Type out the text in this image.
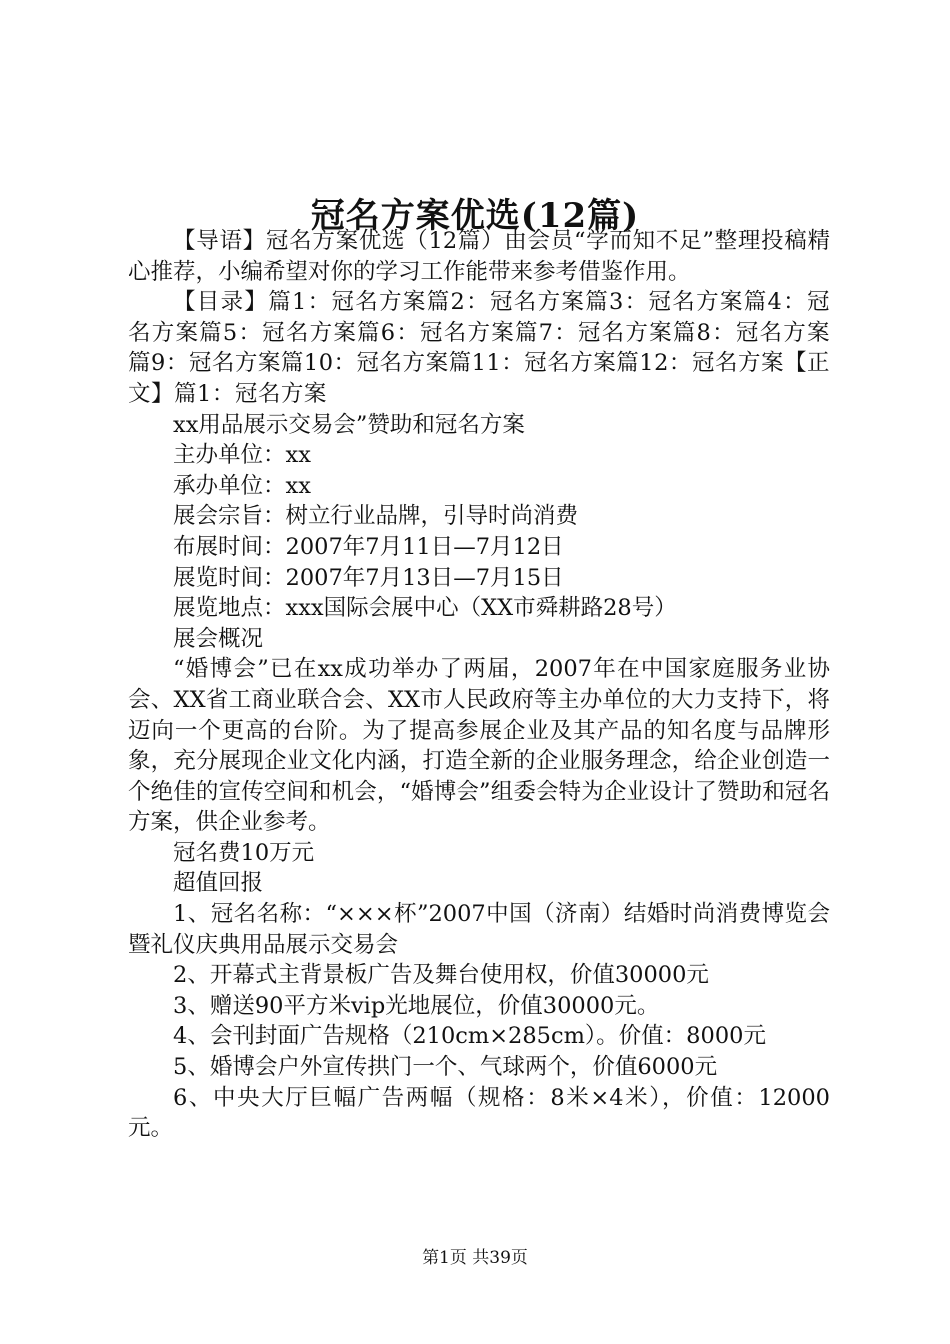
冠名方案优选(12篇)

【导语】冠名方案优选（12篇）由会员“学而知不足”整理投稿精心推荐，小编希望对你的学习工作能带来参考借鉴作用。

【目录】篇1：冠名方案篇2：冠名方案篇3：冠名方案篇4：冠名方案篇5：冠名方案篇6：冠名方案篇7：冠名方案篇8：冠名方案篇9：冠名方案篇10：冠名方案篇11：冠名方案篇12：冠名方案【正文】篇1：冠名方案

xx用品展示交易会”赞助和冠名方案

主办单位：xx

承办单位：xx

展会宗旨：树立行业品牌，引导时尚消费

布展时间：2007年7月11日—7月12日

展览时间：2007年7月13日—7月15日

展览地点：xxx国际会展中心（XX市舜耕路28号）

展会概况

“婚博会”已在xx成功举办了两届，2007年在中国家庭服务业协会、XX省工商业联合会、XX市人民政府等主办单位的大力支持下，将迈向一个更高的台阶。为了提高参展企业及其产品的知名度与品牌形象，充分展现企业文化内涵，打造全新的企业服务理念，给企业创造一个绝佳的宣传空间和机会，“婚博会”组委会特为企业设计了赞助和冠名方案，供企业参考。

冠名费10万元

超值回报

1、冠名名称：“×××杯”2007中国（济南）结婚时尚消费博览会暨礼仪庆典用品展示交易会

2、开幕式主背景板广告及舞台使用权，价值30000元

3、赠送90平方米vip光地展位，价值30000元。

4、会刊封面广告规格（210cm×285cm）。价值：8000元

5、婚博会户外宣传拱门一个、气球两个，价值6000元

6、中央大厅巨幅广告两幅（规格：8米×4米），价值：12000元。

第1页 共39页
